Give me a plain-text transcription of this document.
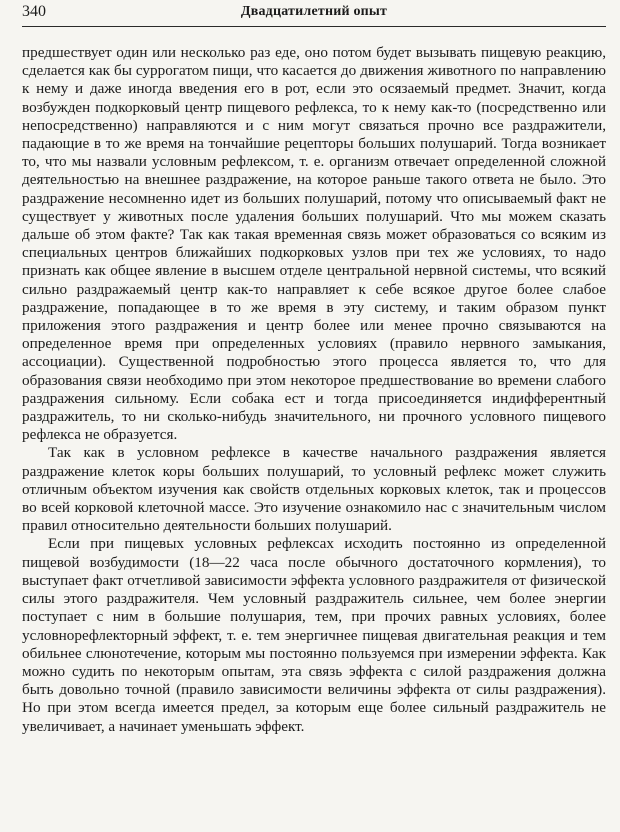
340	Двадцатилетний опыт

предшествует один или несколько раз еде, оно потом будет вызывать пищевую реакцию, сделается как бы суррогатом пищи, что касается до движения животного по направлению к нему и даже иногда введения его в рот, если это осязаемый предмет. Значит, когда возбужден подкорковый центр пищевого рефлекса, то к нему как-то (посредственно или непосредственно) направляются и с ним могут связаться прочно все раздражители, падающие в то же время на тончайшие рецепторы больших полушарий. Тогда возникает то, что мы назвали условным рефлексом, т. е. организм отвечает определенной сложной деятельностью на внешнее раздражение, на которое раньше такого ответа не было. Это раздражение несомненно идет из больших полушарий, потому что описываемый факт не существует у животных после удаления больших полушарий. Что мы можем сказать дальше об этом факте? Так как такая временная связь может образоваться со всяким из специальных центров ближайших подкорковых узлов при тех же условиях, то надо признать как общее явление в высшем отделе центральной нервной системы, что всякий сильно раздражаемый центр как-то направляет к себе всякое другое более слабое раздражение, попадающее в то же время в эту систему, и таким образом пункт приложения этого раздражения и центр более или менее прочно связываются на определенное время при определенных условиях (правило нервного замыкания, ассоциации). Существенной подробностью этого процесса является то, что для образования связи необходимо при этом некоторое предшествование во времени слабого раздражения сильному. Если собака ест и тогда присоединяется индифферентный раздражитель, то ни сколько-нибудь значительного, ни прочного условного пищевого рефлекса не образуется.

Так как в условном рефлексе в качестве начального раздражения является раздражение клеток коры больших полушарий, то условный рефлекс может служить отличным объектом изучения как свойств отдельных корковых клеток, так и процессов во всей корковой клеточной массе. Это изучение ознакомило нас с значительным числом правил относительно деятельности больших полушарий.

Если при пищевых условных рефлексах исходить постоянно из определенной пищевой возбудимости (18—22 часа после обычного достаточного кормления), то выступает факт отчетливой зависимости эффекта условного раздражителя от физической силы этого раздражителя. Чем условный раздражитель сильнее, чем более энергии поступает с ним в большие полушария, тем, при прочих равных условиях, более условнорефлекторный эффект, т. е. тем энергичнее пищевая двигательная реакция и тем обильнее слюнотечение, которым мы постоянно пользуемся при измерении эффекта. Как можно судить по некоторым опытам, эта связь эффекта с силой раздражения должна быть довольно точной (правило зависимости величины эффекта от силы раздражения). Но при этом всегда имеется предел, за которым еще более сильный раздражитель не увеличивает, а начинает уменьшать эффект.
